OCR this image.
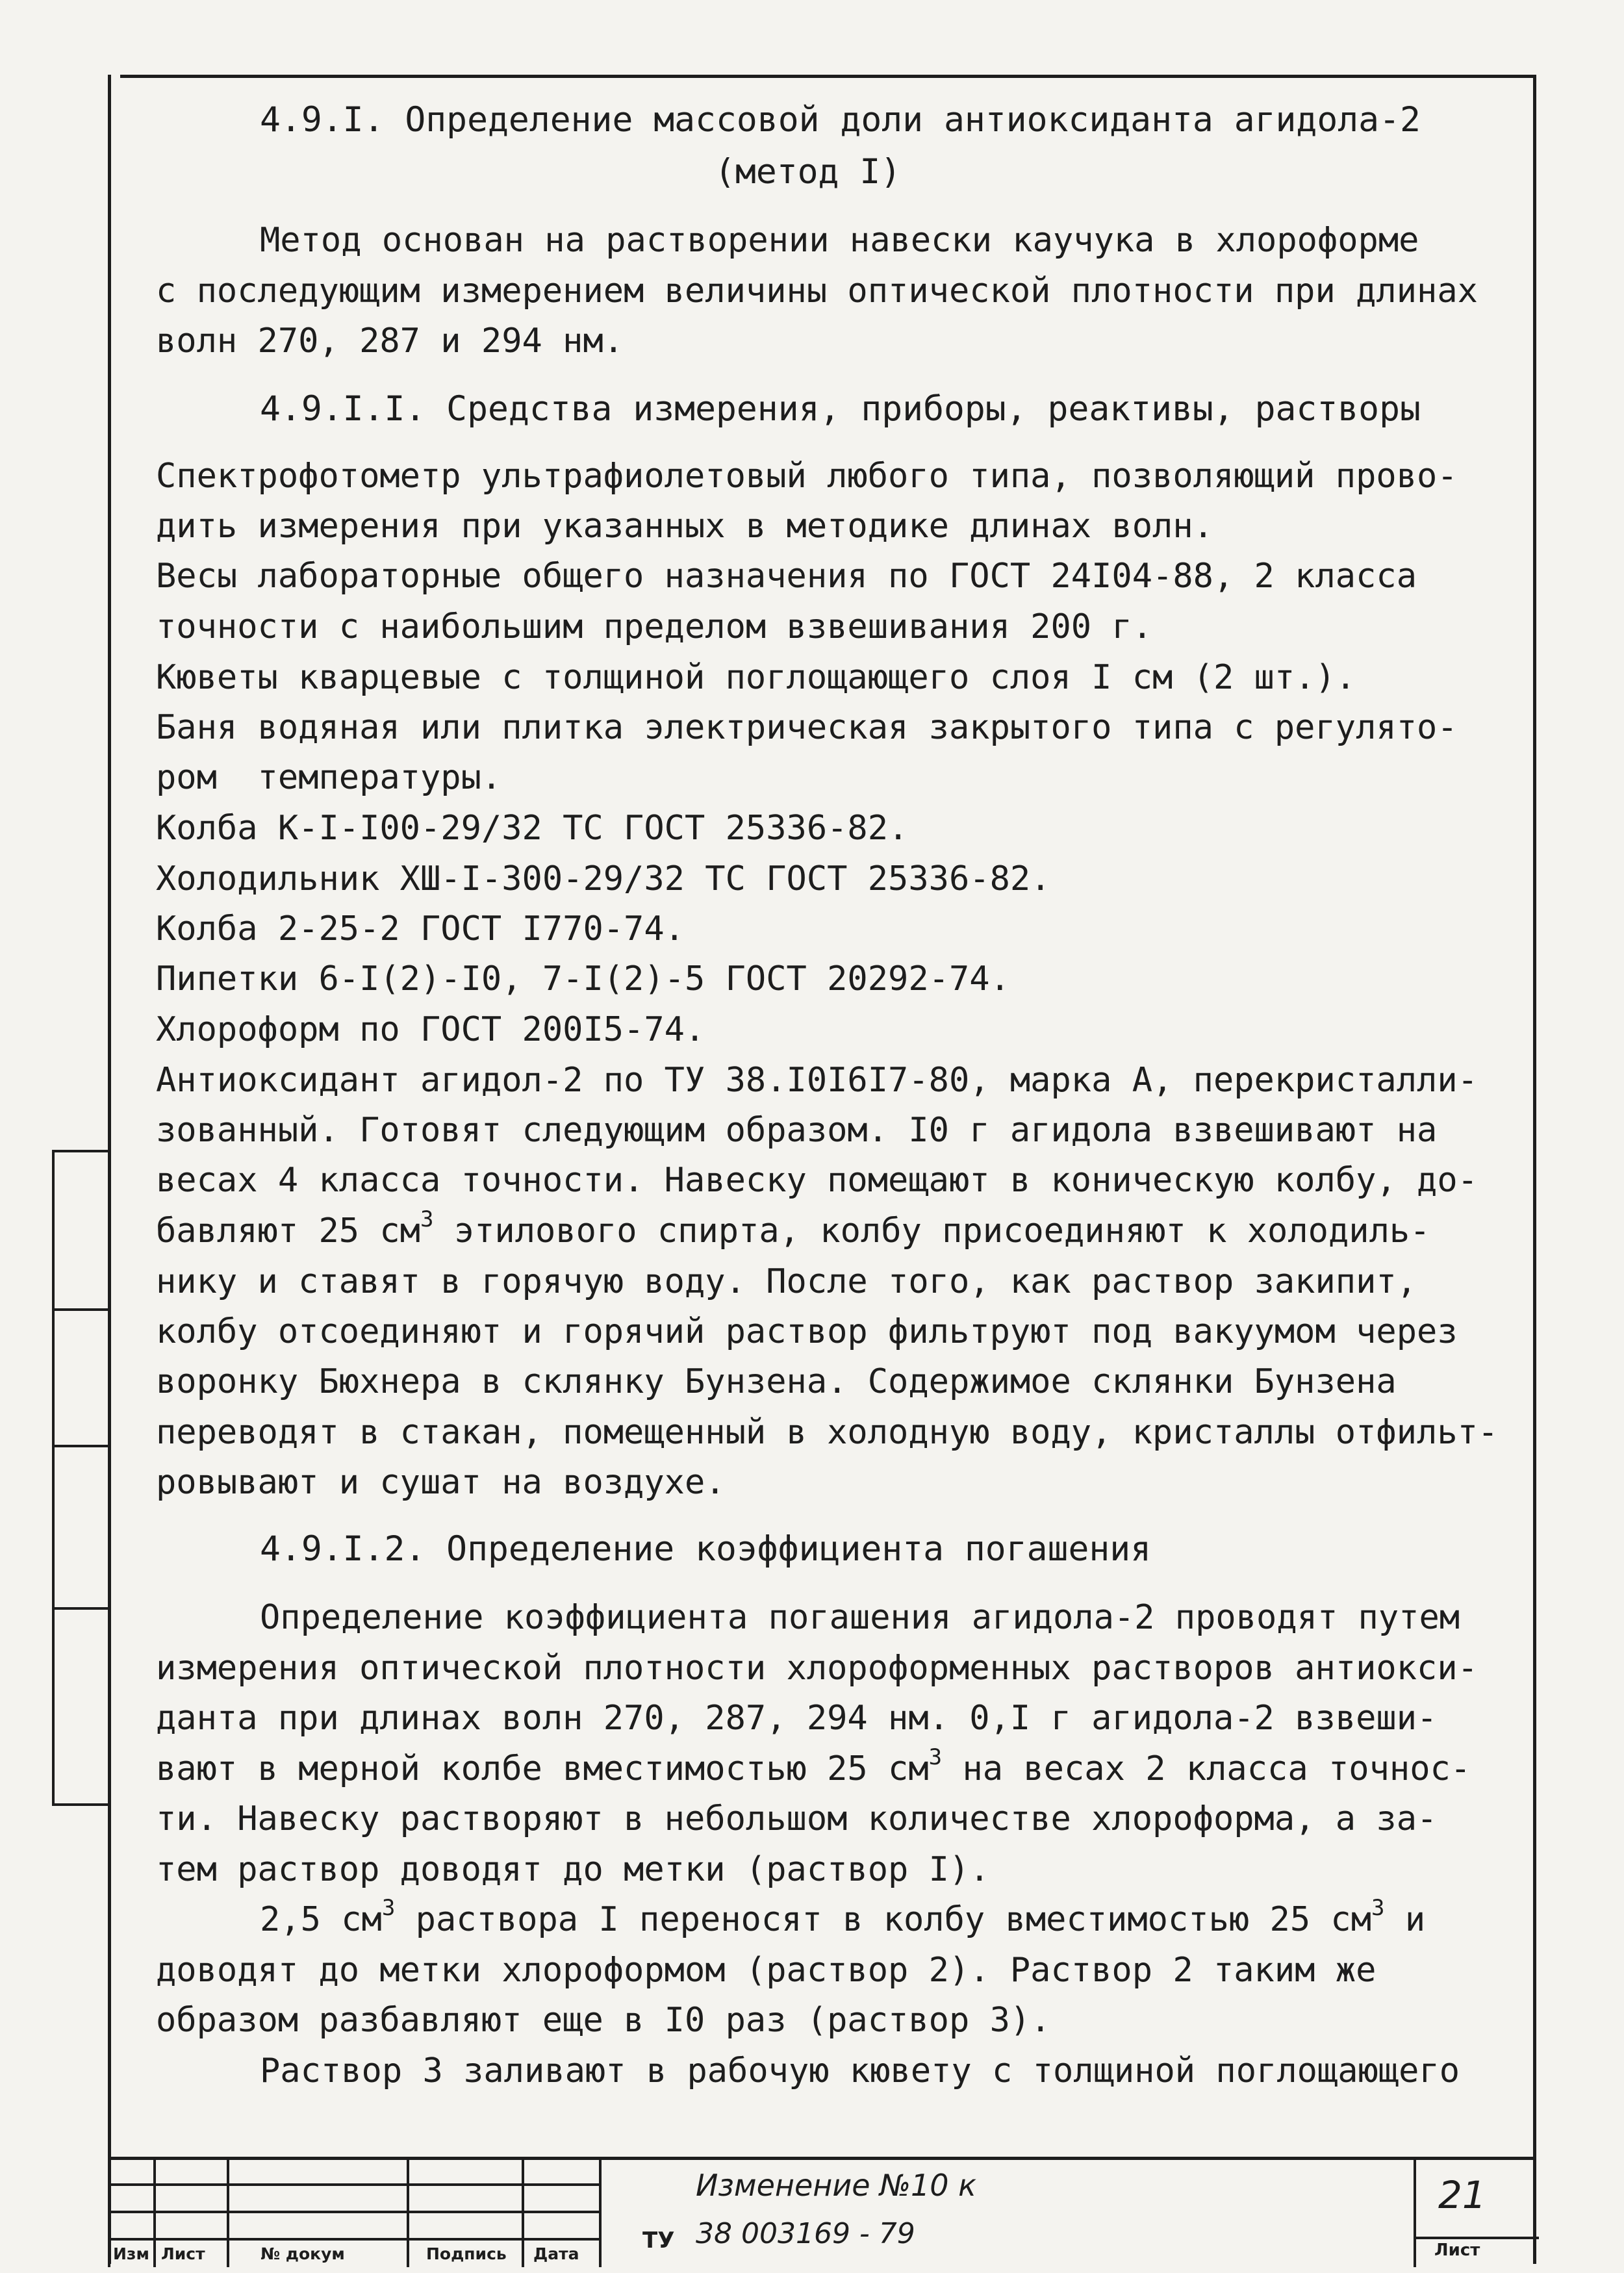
4.9.I. Определение массовой доли антиоксиданта агидола-2
(метод I)
Метод основан на растворении навески каучука в хлороформе
с последующим измерением величины оптической плотности при длинах
волн 270, 287 и 294 нм.
4.9.I.I. Средства измерения, приборы, реактивы, растворы
Спектрофотометр ультрафиолетовый любого типа, позволяющий прово-
дить измерения при указанных в методике длинах волн.
Весы лабораторные общего назначения по ГОСТ 24I04-88, 2 класса
точности с наибольшим пределом взвешивания 200 г.
Кюветы кварцевые с толщиной поглощающего слоя I см (2 шт.).
Баня водяная или плитка электрическая закрытого типа с регулято-
ром  температуры.
Колба К-I-I00-29/32 ТС ГОСТ 25336-82.
Холодильник ХШ-I-300-29/32 ТС ГОСТ 25336-82.
Колба 2-25-2 ГОСТ I770-74.
Пипетки 6-I(2)-I0, 7-I(2)-5 ГОСТ 20292-74.
Хлороформ по ГОСТ 200I5-74.
Антиоксидант агидол-2 по ТУ 38.I0I6I7-80, марка А, перекристалли-
зованный. Готовят следующим образом. I0 г агидола взвешивают на
весах 4 класса точности. Навеску помещают в коническую колбу, до-
бавляют 25 $см^3$ этилового спирта, колбу присоединяют к холодиль-
нику и ставят в горячую воду. После того, как раствор закипит,
колбу отсоединяют и горячий раствор фильтруют под вакуумом через
воронку Бюхнера в склянку Бунзена. Содержимое склянки Бунзена
переводят в стакан, помещенный в холодную воду, кристаллы отфильт-
ровывают и сушат на воздухе.
4.9.I.2. Определение коэффициента погашения
Определение коэффициента погашения агидола-2 проводят путем
измерения оптической плотности хлороформенных растворов антиокси-
данта при длинах волн 270, 287, 294 нм. 0,I г агидола-2 взвеши-
вают в мерной колбе вместимостью 25 $см^3$ на весах 2 класса точнос-
ти. Навеску растворяют в небольшом количестве хлороформа, а за-
тем раствор доводят до метки (раствор I).
2,5 $см^3$ раствора I переносят в колбу вместимостью 25 $см^3$ и
доводят до метки хлороформом (раствор 2). Раствор 2 таким же
образом разбавляют еще в I0 раз (раствор 3).
Раствор 3 заливают в рабочую кювету с толщиной поглощающего
Изм Лист	№ докум	Подпись Дата
Изменение №10 к
ТУ 38 003169 - 79
21
Лист
